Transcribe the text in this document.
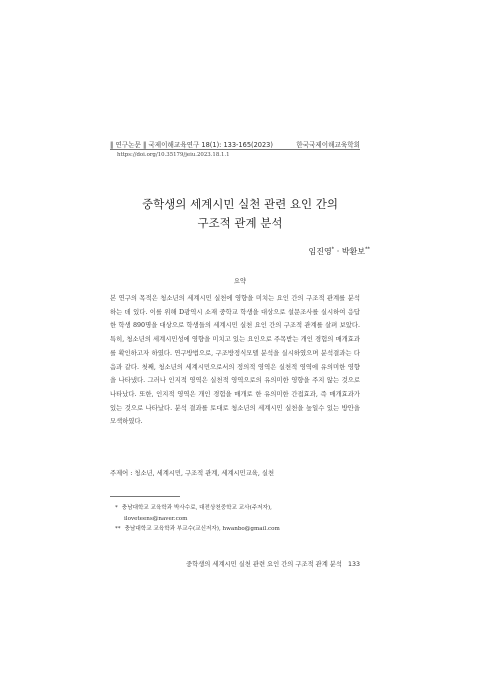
‖ 연구논문 ‖ 국제이해교육연구 18(1): 133-165(2023)	한국국제이해교육학회
https://doi.org/10.35179/jeiu.2023.18.1.1
중학생의 세계시민 실천 관련 요인 간의
구조적 관계 분석
임진영* · 박환보**
요약

본 연구의 목적은 청소년의 세계시민 실천에 영향을 미치는 요인 간의 구조적 관계를 분석하는 데 있다. 이를 위해 D광역시 소재 중학교 학생을 대상으로 설문조사를 실시하여 응답한 학생 890명을 대상으로 학생들의 세계시민 실천 요인 간의 구조적 관계를 살펴 보았다. 특히, 청소년의 세계시민성에 영향을 미치고 있는 요인으로 주목받는 개인 경험의 매개효과를 확인하고자 하였다. 연구방법으로, 구조방정식모델 분석을 실시하였으며 분석결과는 다음과 같다. 첫째, 청소년의 세계시민으로서의 정의적 영역은 실천적 영역에 유의미한 영향을 나타냈다. 그러나 인지적 영역은 실천적 영역으로의 유의미한 영향을 주지 않는 것으로 나타났다. 또한, 인지적 영역은 개인 경험을 매개로 한 유의미한 간접효과, 즉 매개효과가 있는 것으로 나타났다. 분석 결과를 토대로 청소년의 세계시민 실천을 높일수 있는 방안을 모색하였다.

주제어 : 청소년, 세계시민, 구조적 관계, 세계시민교육, 실천
* 충남대학교 교육학과 박사수료, 대전상천중학교 교사(주저자),
iloveteens@naver.com
** 충남대학교 교육학과 부교수(교신저자), hwanbo@gmail.com
중학생의 세계시민 실천 관련 요인 간의 구조적 관계 분석 133
